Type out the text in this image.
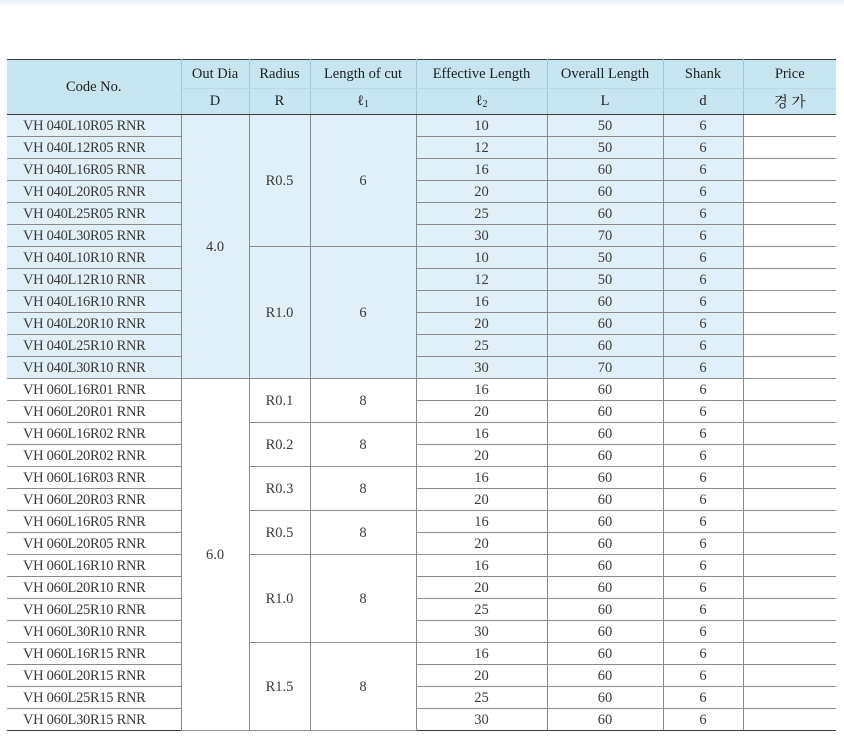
Code No.	Out Dia	Radius	Length of cut	Effective Length	Overall Length	Shank	Price
	D	R	ℓ$_1$	ℓ$_2$	L	d	경 가
VH 040L10R05 RNR	4.0	R0.5	6	10	50	6	
VH 040L12R05 RNR				12	50	6	
VH 040L16R05 RNR				16	60	6	
VH 040L20R05 RNR				20	60	6	
VH 040L25R05 RNR				25	60	6	
VH 040L30R05 RNR				30	70	6	
VH 040L10R10 RNR		R1.0	6	10	50	6	
VH 040L12R10 RNR				12	50	6	
VH 040L16R10 RNR				16	60	6	
VH 040L20R10 RNR				20	60	6	
VH 040L25R10 RNR				25	60	6	
VH 040L30R10 RNR				30	70	6	
VH 060L16R01 RNR	6.0	R0.1	8	16	60	6	
VH 060L20R01 RNR				20	60	6	
VH 060L16R02 RNR		R0.2	8	16	60	6	
VH 060L20R02 RNR				20	60	6	
VH 060L16R03 RNR		R0.3	8	16	60	6	
VH 060L20R03 RNR				20	60	6	
VH 060L16R05 RNR		R0.5	8	16	60	6	
VH 060L20R05 RNR				20	60	6	
VH 060L16R10 RNR		R1.0	8	16	60	6	
VH 060L20R10 RNR				20	60	6	
VH 060L25R10 RNR				25	60	6	
VH 060L30R10 RNR				30	60	6	
VH 060L16R15 RNR		R1.5	8	16	60	6	
VH 060L20R15 RNR				20	60	6	
VH 060L25R15 RNR				25	60	6	
VH 060L30R15 RNR				30	60	6	
